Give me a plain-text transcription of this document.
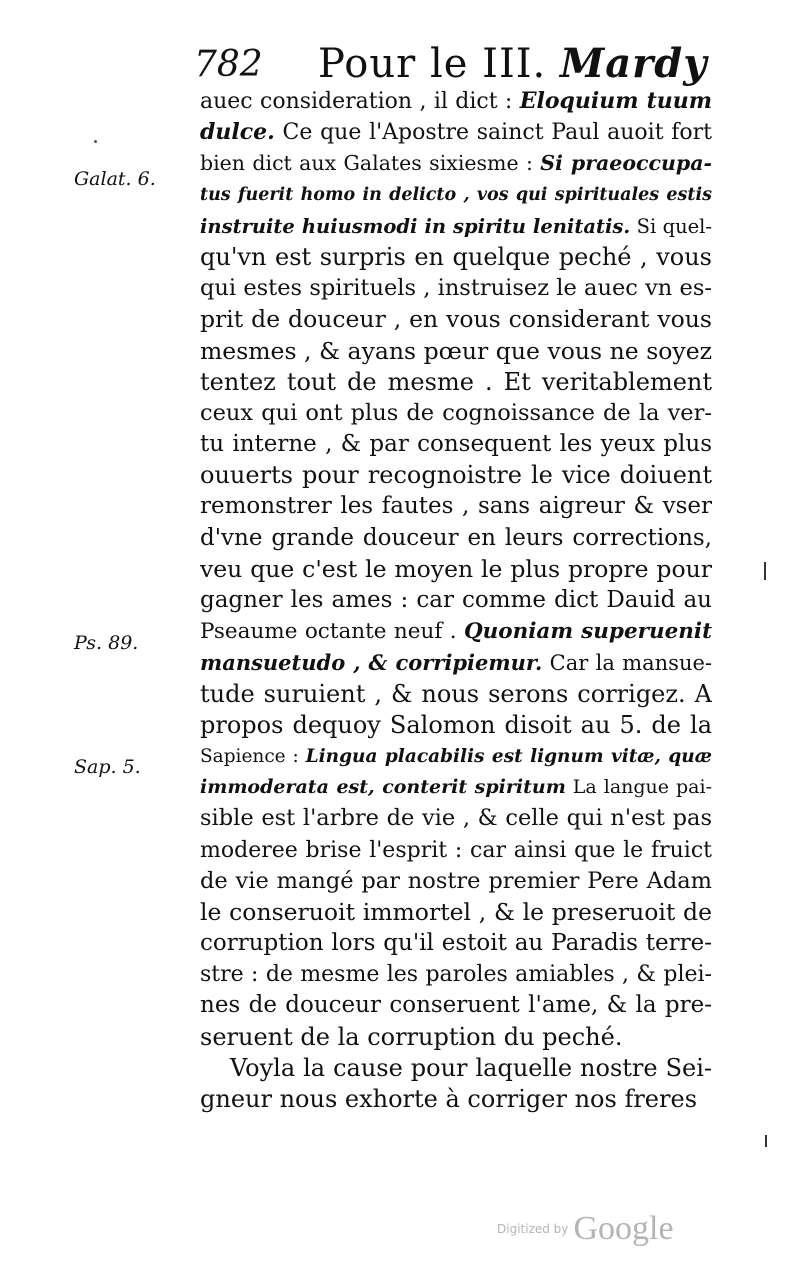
782 Pour le III. Mardy
Galat. 6.
Ps. 89.
Sap. 5.
auec consideration , il dict : Eloquium tuum
dulce. Ce que l'Apostre sainct Paul auoit fort
bien dict aux Galates sixiesme : Si praeoccupa-
tus fuerit homo in delicto , vos qui spirituales estis
instruite huiusmodi in spiritu lenitatis. Si quel-
qu'vn est surpris en quelque peché , vous
qui estes spirituels , instruisez le auec vn es-
prit de douceur , en vous considerant vous
mesmes , & ayans pœur que vous ne soyez
tentez tout de mesme . Et veritablement
ceux qui ont plus de cognoissance de la ver-
tu interne , & par consequent les yeux plus
ouuerts pour recognoistre le vice doiuent
remonstrer les fautes , sans aigreur & vser
d'vne grande douceur en leurs corrections,
veu que c'est le moyen le plus propre pour
gagner les ames : car comme dict Dauid au
Pseaume octante neuf . Quoniam superuenit
mansuetudo , & corripiemur. Car la mansue-
tude suruient , & nous serons corrigez. A
propos dequoy Salomon disoit au 5. de la
Sapience : Lingua placabilis est lignum vitæ, quæ
immoderata est, conterit spiritum La langue pai-
sible est l'arbre de vie , & celle qui n'est pas
moderee brise l'esprit : car ainsi que le fruict
de vie mangé par nostre premier Pere Adam
le conseruoit immortel , & le preseruoit de
corruption lors qu'il estoit au Paradis terre-
stre : de mesme les paroles amiables , & plei-
nes de douceur conseruent l'ame, & la pre-
seruent de la corruption du peché.
Voyla la cause pour laquelle nostre Sei-
gneur nous exhorte à corriger nos freres
Digitized by Google
